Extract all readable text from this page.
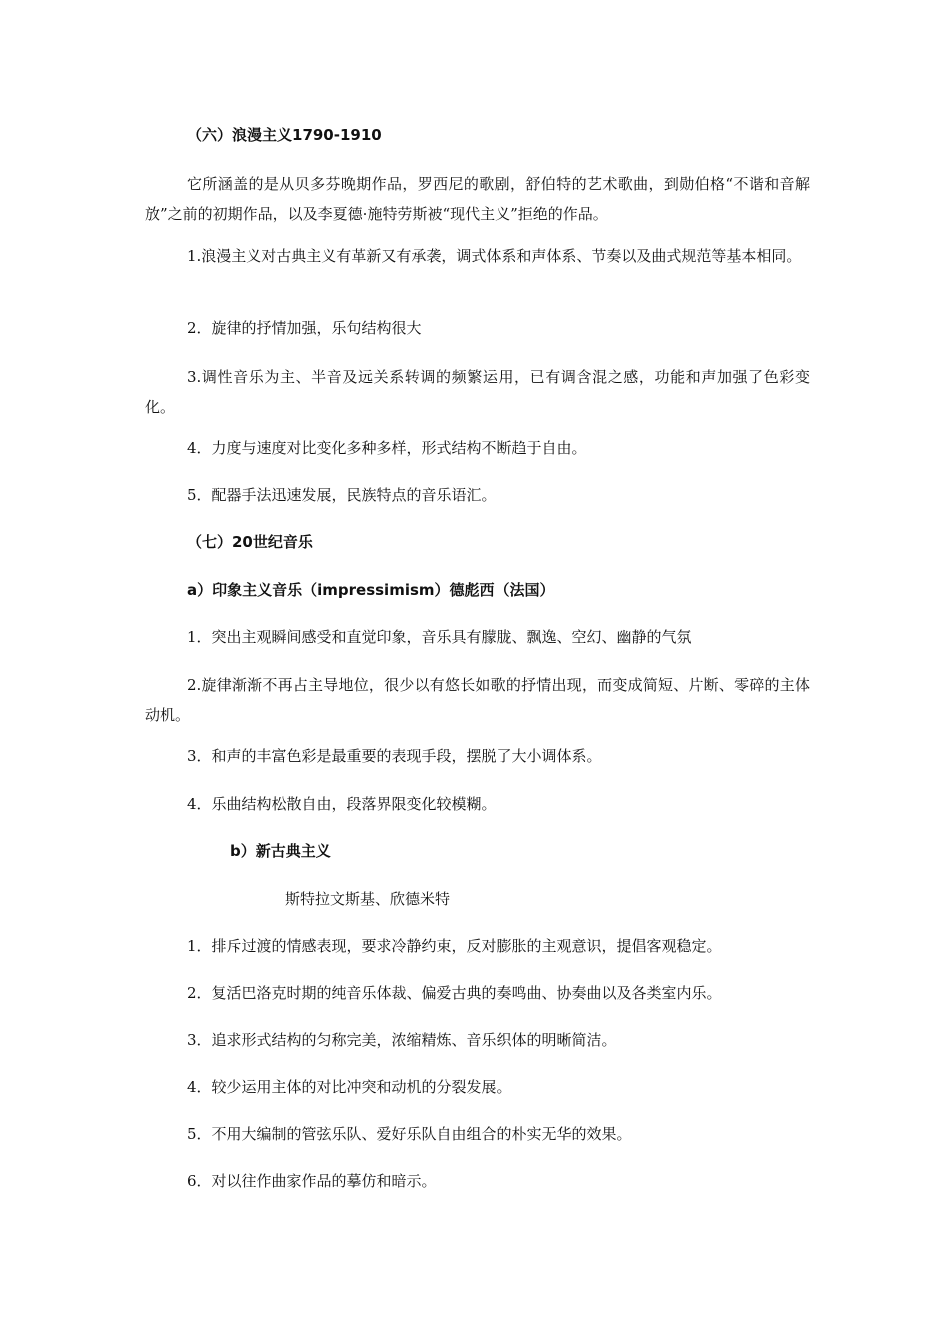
（六）浪漫主义1790-1910

它所涵盖的是从贝多芬晚期作品，罗西尼的歌剧，舒伯特的艺术歌曲，到勋伯格“不谐和音解放”之前的初期作品，以及李夏德·施特劳斯被“现代主义”拒绝的作品。

1.浪漫主义对古典主义有革新又有承袭，调式体系和声体系、节奏以及曲式规范等基本相同。

2．旋律的抒情加强，乐句结构很大

3.调性音乐为主、半音及远关系转调的频繁运用，已有调含混之感，功能和声加强了色彩变化。

4．力度与速度对比变化多种多样，形式结构不断趋于自由。

5．配器手法迅速发展，民族特点的音乐语汇。

（七）20世纪音乐

a）印象主义音乐（impressimism）德彪西（法国）

1．突出主观瞬间感受和直觉印象，音乐具有朦胧、飘逸、空幻、幽静的气氛

2.旋律渐渐不再占主导地位，很少以有悠长如歌的抒情出现，而变成简短、片断、零碎的主体动机。

3．和声的丰富色彩是最重要的表现手段，摆脱了大小调体系。

4．乐曲结构松散自由，段落界限变化较模糊。

b）新古典主义

斯特拉文斯基、欣德米特

1．排斥过渡的情感表现，要求冷静约束，反对膨胀的主观意识，提倡客观稳定。

2．复活巴洛克时期的纯音乐体裁、偏爱古典的奏鸣曲、协奏曲以及各类室内乐。

3．追求形式结构的匀称完美，浓缩精炼、音乐织体的明晰简洁。

4．较少运用主体的对比冲突和动机的分裂发展。

5．不用大编制的管弦乐队、爱好乐队自由组合的朴实无华的效果。

6．对以往作曲家作品的摹仿和暗示。
